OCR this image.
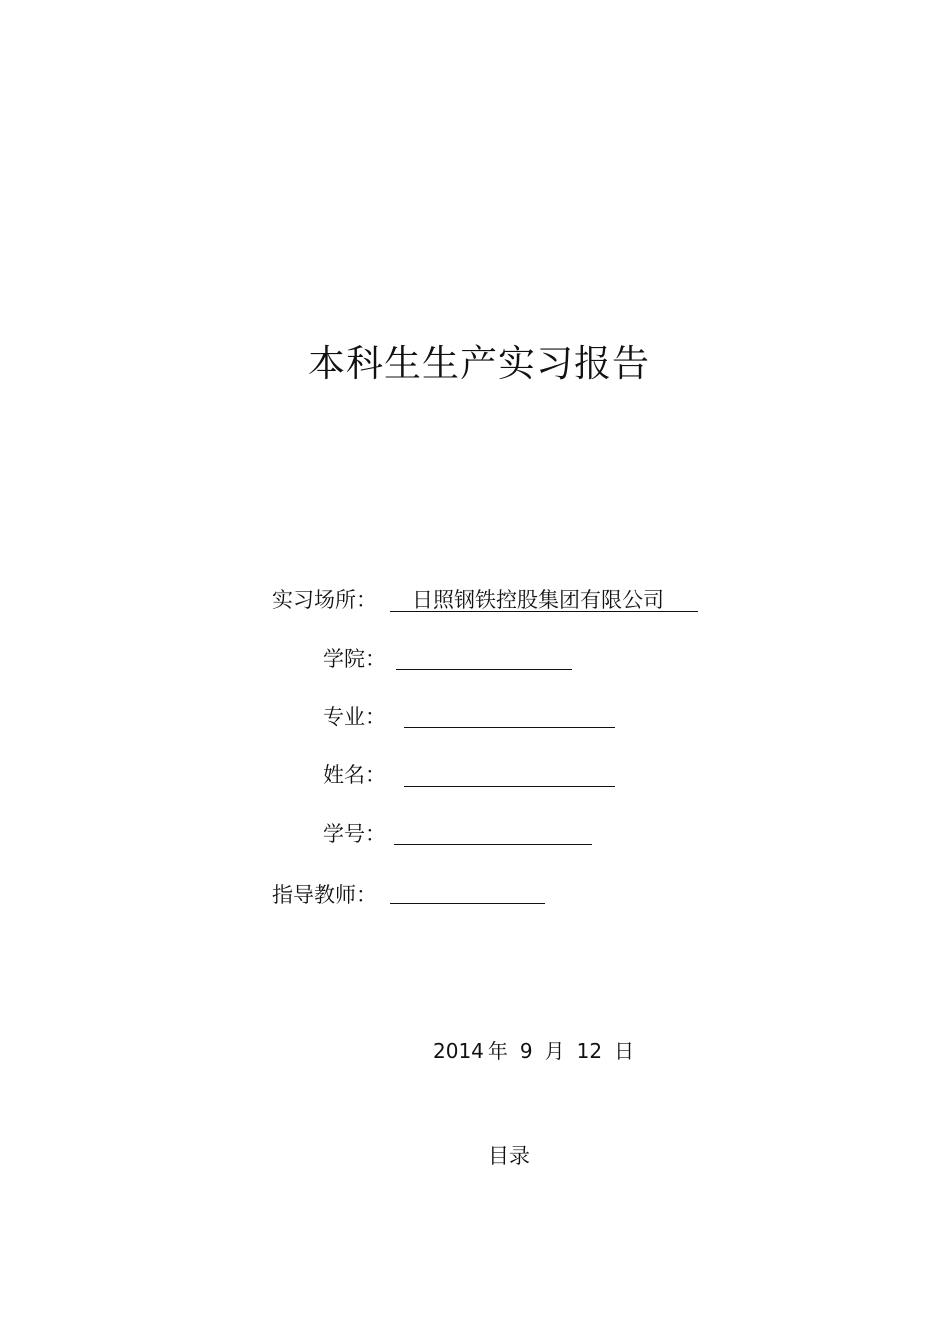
本科生生产实习报告
实习场所： 日照钢铁控股集团有限公司
学院：
专业：
姓名：
学号：
指导教师：
2014 年 9 月 12 日
目录
